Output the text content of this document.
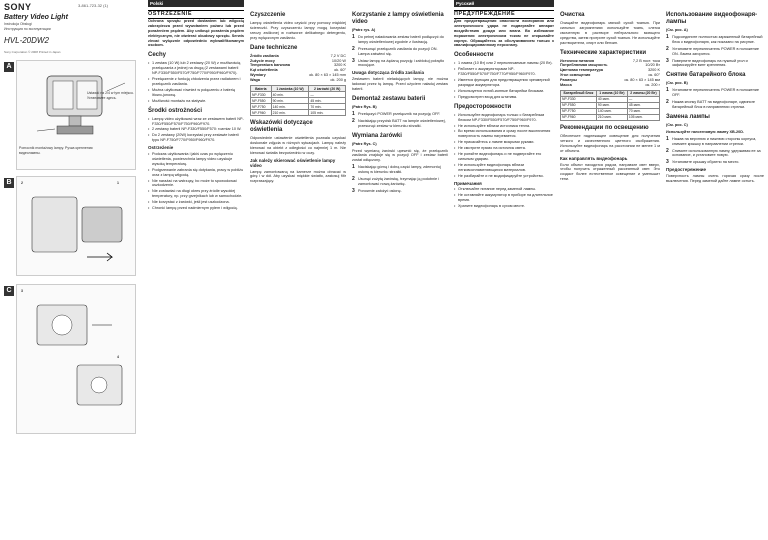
SONY	3-861-723-32 (1)
Battery Video Light
Instrukcja Obsługi
Инструкция по эксплуатации
HVL-20DW2
Sony Corporation © 2008 Printed in Japan
A
Ustawić na 2/4 w tym miejscu. Установите здесь.
Pomocnik montażowy lampy. Ручка крепления видеолампы.
B	2	1
C	3
4
Polski
OSTRZEŻENIE
Ochrona sprzętu przed dostaniem lub wilgocią zabezpiecza przed wywołaniem pożaru lub przed porażeniem prądem. Aby uniknąć porażenia prądem elektrycznym, nie otwierać obudowy sprzętu. Serwis zlecać wyłącznie odpowiednio wykwalifikowanym osobom.
Cechy
• 1 zestaw (10 W) lub 2 zestawy (20 W) z możliwością przełączania z jednej na drugą (2 zestawami baterii NP-F330/F550/F570/F750/F770/F950/F960/F970).
• Przełączenie z funkcją chłodzenia przez radiatorem i przełącznik zasilania.
• Można użytkować również w połączeniu z baterią litowo-jonową.
• Możliwość montażu na statywie.
Środki ostrożności
• Lampę video użytkować wraz ze zestawem baterii NP-F330/F550/F570/F750/F960/F970.
• 2 zestawy baterii NP-F330/F550/F570: rozmiar 10 W.
• Do 2 zestawy (20W) korzystać przy zestawie baterii typu NP-F750/F770/F950/F960/F970.
Ostrzeżenie
• Podczas użytkowania i jakiś czas po wyłączeniu oświetlenia, powierzchnia lampy video uzyskuje wysoką temperaturę.
• Podgrzewanie zabrania się dotykania, pracy w pobliżu oraz z lampą wilgocią.
• Nie narażać na wstrząsy, bo może to spowodować uszkodzenie.
• Nie zostawiać na długi okres przy źródle wysokiej temperatury, np. przy grzejnikach lub w samochodzie.
• Nie korzystać z żarówki, jeśli jest uszkodzona.
• Chronić lampę przed nadmiernym pyłem i wilgocią.
Czyszczenie
Lampę oświetlenia video czyścić przy pomocy miękkiej ściereczki. Przy czyszczeniu lampy mogą korzystać rzeczy zwilżonej w roztworze delikatnego detergentu, przy wyłączonym zasilaniu.
Dane techniczne
Źródło zasilania	7,2 V DC
Zużycie mocy	10/20 W
Temperatura barwowa	3200 K
Kąt oświetlenia	ok. 60°
Wymiary	ok. 80 × 63 × 145 mm
Waga	ok. 200 g
Bateria	1 żarówka (10 W)	2 żarówki (20 W)
NP-F330	40 min.	—
NP-F550	90 min.	45 min.
NP-F750	140 min.	70 min.
NP-F960	210 min.	105 min.
Wskazówki dotyczące oświetlenia
Odpowiednie ustawienie oświetlenia pozwala uzyskać doskonałe zdjęcia w różnych sytuacjach. Lampę należy kierować na obiekt z odległości co najmniej 1 m. Nie kierować światła bezpośrednio w oczy.
Jak należy skierować oświetlenie lampy video
Lampę zamontowaną na kamerze można obracać w górę i w dół. Aby uzyskać miękkie światło, zastosuj filtr rozpraszający.
Korzystanie z lampy oświetlenia video
(Patrz rys. A)
1 Do pełnej naładowania zestaw baterii podłączyć do lampy oświetleniowej zgodnie z ilustracją.
2 Przesunąć przełącznik zasilania do pozycji ON. Lampa zaświeci się.
3 Ustaw lampę na żądaną pozycję i zablokuj pokrętło mocujące.
Uwaga dotycząca źródła zasilania
Zestawem baterii nieładujących lampy, nie można ładować przez tę lampę. Przed użyciem naładuj zestaw baterii.
Demontaż zestawu baterii
(Patrz Rys. B)
1 Przełączyć POWER przełącznik na pozycję OFF.
2 Naciskając przycisk BATT na lampie oświetleniowej, przesunąć zestaw w kierunku strzałki.
Wymiana żarówki
(Patrz Rys. C)
Przed wymianą żarówki upewnić się, że przełącznik zasilania znajduje się w pozycji OFF i zestaw baterii został odłączony.
1 Naciskając górną i dolną część lampy, zdemontuj osłonę w kierunku strzałki.
2 Usunąć zużytą żarówkę, trzymając ją podobnie i zamontować nową żarówkę.
3 Ponownie założyć osłonę.
Русский
ПРЕДУПРЕЖДЕНИЕ
Для предотвращения опасности возгорания или электрического удара не подвергайте аппарат воздействию дождя или влаги. Во избежание поражения электрическим током не открывайте корпус. Обращайтесь за обслуживанием только к квалифицированному персоналу.
Особенности
• 1 лампа (10 Вт) или 2 переключаемые лампы (20 Вт).
• Работает с аккумуляторами NP-F330/F550/F570/F750/F770/F950/F960/F970.
• Имеется функция для предотвращения чрезмерной разрядки аккумулятора.
• Используется литий-ионные батарейки блоками.
• Предусмотрен вход для штатива.
Предосторожности
• Используйте видеофонарь только с батарейным блоком NP-F330/F550/F570/F750/F960/F970.
• Не используйте вблизи источника тепла.
• Во время использования и сразу после выключения поверхность лампы нагревается.
• Не прикасайтесь к лампе мокрыми руками.
• Не смотрите прямо на источник света.
• Не роняйте видеофонарь и не подвергайте его сильным ударам.
• Не используйте видеофонарь вблизи легковоспламеняющихся материалов.
• Не разбирайте и не модифицируйте устройство.
Примечания
• Отключайте питание перед заменой лампы.
• Не оставляйте аккумулятор в приборе на длительное время.
• Храните видеофонарь в сухом месте.
Очистка
Очищайте видеофонарь мягкой сухой тканью. При сильных загрязнениях используйте ткань, слегка смоченную в растворе нейтрального моющего средства, затем протрите сухой тканью. Не используйте растворители, спирт или бензин.
Технические характеристики
Источник питания	7,2 В пост. тока
Потребляемая мощность	10/20 Вт
Цветовая температура	3200 K
Угол освещения	ок. 60°
Размеры	ок. 80 × 63 × 145 мм
Масса	ок. 200 г
Батарейный блок	1 лампа (10 Вт)	2 лампы (20 Вт)
NP-F330	40 мин.	—
NP-F550	90 мин.	45 мин.
NP-F750	140 мин.	70 мин.
NP-F960	210 мин.	105 мин.
Рекомендации по освещению
Обеспечьте надлежащее освещение для получения четкого и качественного цветного изображения. Используйте видеофонарь на расстоянии не менее 1 м от объекта.
Как направлять видеофонарь
Если объект находится рядом, направьте свет вверх, чтобы получить отраженный рассеянный свет. Это создаст более естественное освещение и уменьшит тени.
Использование видеофонаря-лампы
(См. рис. A)
1 Подсоедините полностью заряженный батарейный блок к видеофонарю, как показано на рисунке.
2 Установите переключатель POWER в положение ON. Лампа загорится.
3 Поверните видеофонарь на нужный угол и зафиксируйте винт крепления.
Снятие батарейного блока
(См. рис. B)
1 Установите переключатель POWER в положение OFF.
2 Нажав кнопку BATT на видеофонаре, сдвиньте батарейный блок в направлении стрелки.
Замена лампы
(См. рис. C)
Используйте галогеновую лампу XB-20D.
1 Нажав на верхнюю и нижнюю стороны корпуса, снимите крышку в направлении стрелки.
2 Снимите использованную лампу, удерживая ее за основание, и установите новую.
3 Установите крышку обратно на место.
Предостережение
Поверхность лампы очень горячая сразу после выключения. Перед заменой дайте лампе остыть.
